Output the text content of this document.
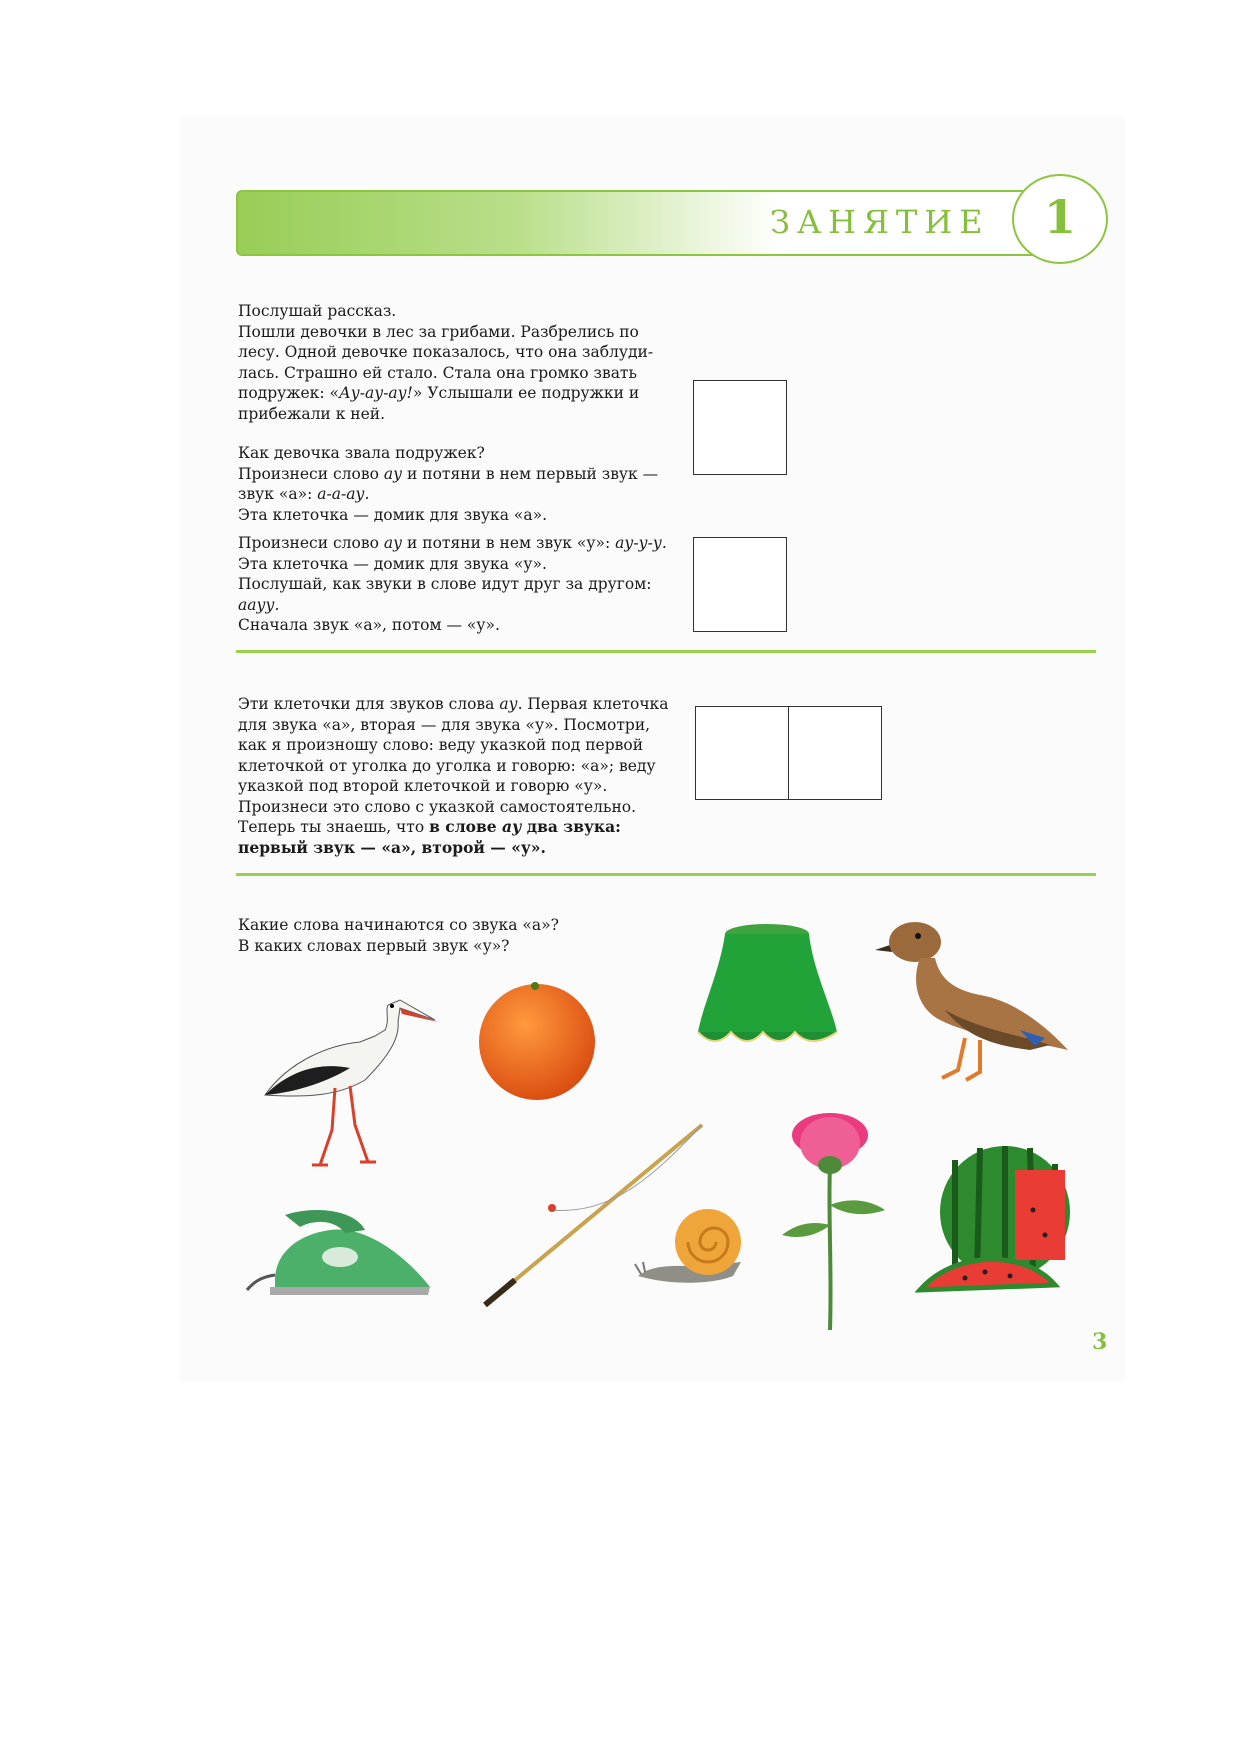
ЗАНЯТИЕ	1

Послушай рассказ.

Пошли девочки в лес за грибами. Разбрелись по

лесу. Одной девочке показалось, что она заблуди-

лась. Страшно ей стало. Стала она громко звать

подружек: «Ау-ау-ау!» Услышали ее подружки и

прибежали к ней.

Как девочка звала подружек?

Произнеси слово ау и потяни в нем первый звук —

звук «а»: а-а-ау.

Эта клеточка — домик для звука «а».

Произнеси слово ау и потяни в нем звук «у»: ау-у-у.

Эта клеточка — домик для звука «у».

Послушай, как звуки в слове идут друг за другом:

аауу.

Сначала звук «а», потом — «у».

Эти клеточки для звуков слова ау. Первая клеточка

для звука «а», вторая — для звука «у». Посмотри,

как я произношу слово: веду указкой под первой

клеточкой от уголка до уголка и говорю: «а»; веду

указкой под второй клеточкой и говорю «у».

Произнеси это слово с указкой самостоятельно.

Теперь ты знаешь, что в слове ау два звука:

первый звук — «а», второй — «у».

Какие слова начинаются со звука «а»?

В каких словах первый звук «у»?

3
